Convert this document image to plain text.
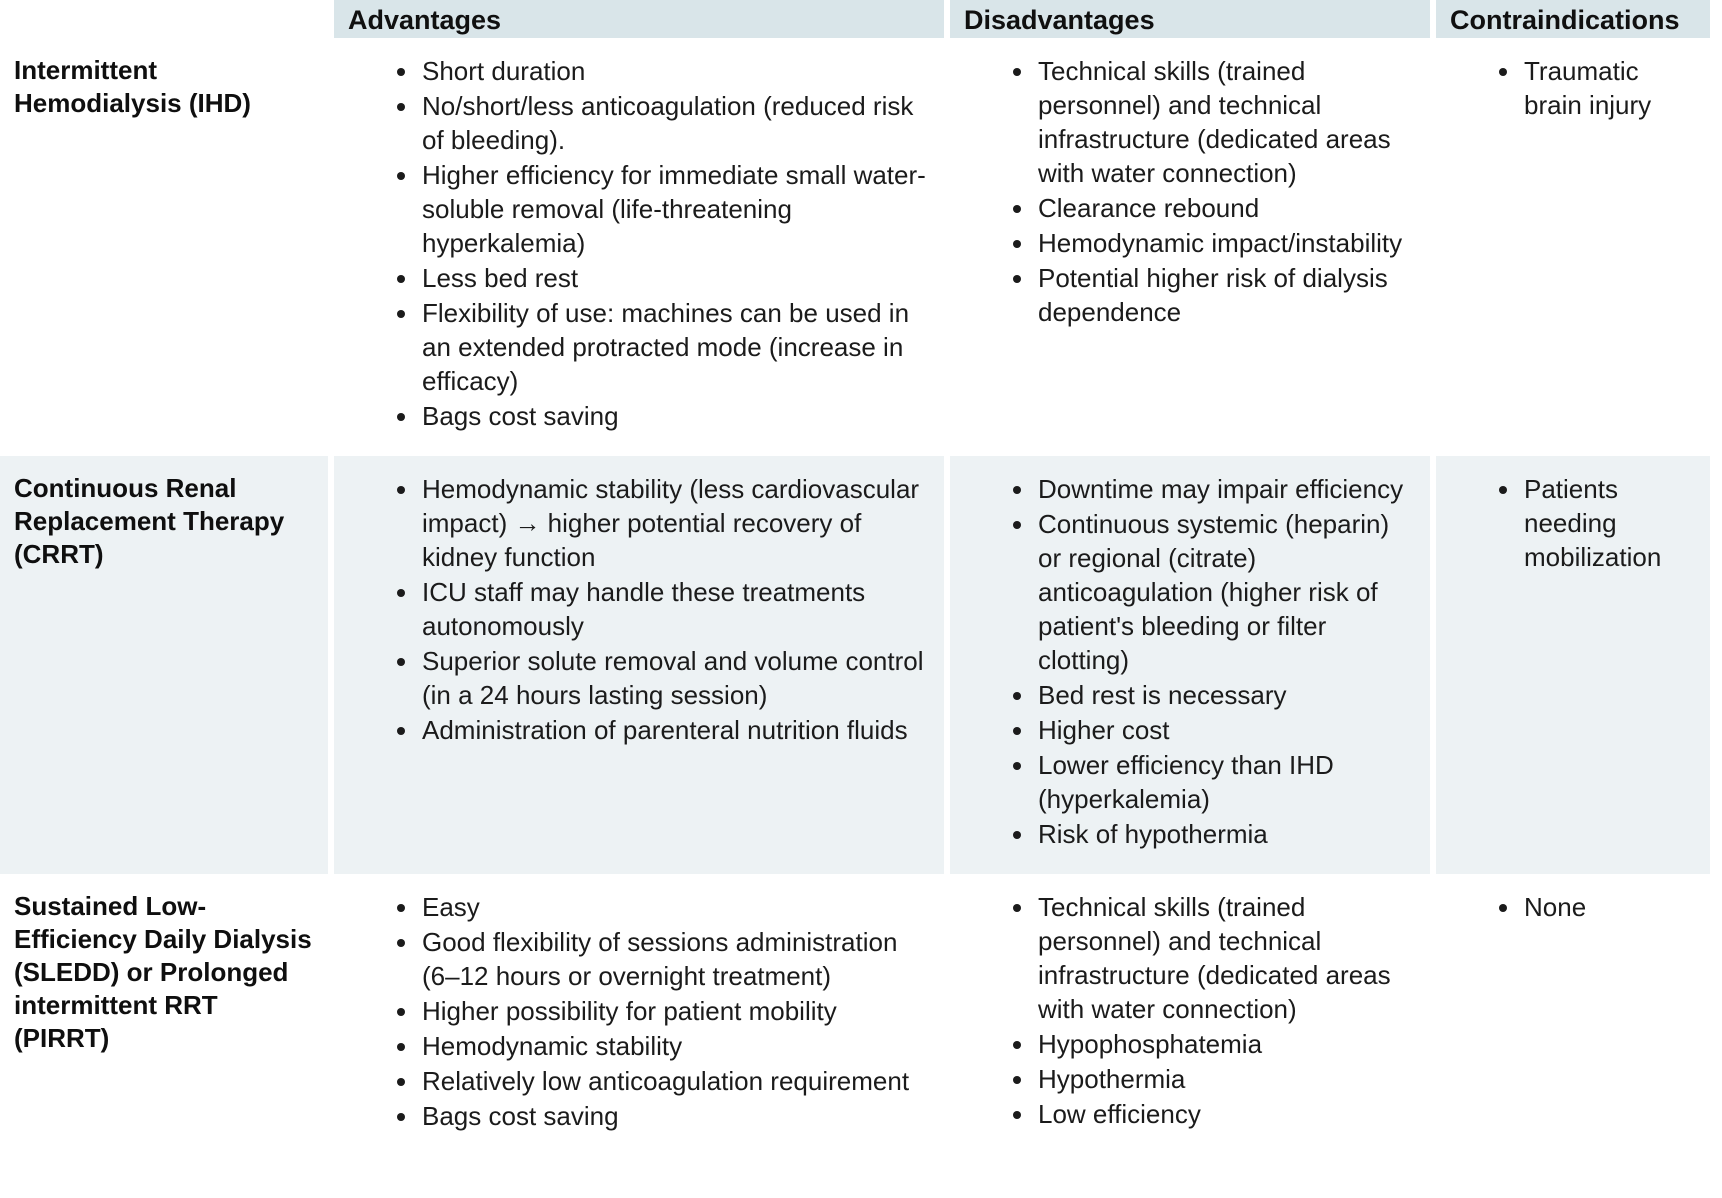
Advantages	Disadvantages	Contraindications
Intermittent Hemodialysis (IHD)
• Short duration
• No/short/less anticoagulation (reduced risk of bleeding).
• Higher efficiency for immediate small water-soluble removal (life-threatening hyperkalemia)
• Less bed rest
• Flexibility of use: machines can be used in an extended protracted mode (increase in efficacy)
• Bags cost saving
• Technical skills (trained personnel) and technical infrastructure (dedicated areas with water connection)
• Clearance rebound
• Hemodynamic impact/instability
• Potential higher risk of dialysis dependence
• Traumatic brain injury
Continuous Renal Replacement Therapy (CRRT)
• Hemodynamic stability (less cardiovascular impact) → higher potential recovery of kidney function
• ICU staff may handle these treatments autonomously
• Superior solute removal and volume control (in a 24 hours lasting session)
• Administration of parenteral nutrition fluids
• Downtime may impair efficiency
• Continuous systemic (heparin) or regional (citrate) anticoagulation (higher risk of patient's bleeding or filter clotting)
• Bed rest is necessary
• Higher cost
• Lower efficiency than IHD (hyperkalemia)
• Risk of hypothermia
• Patients needing mobilization
Sustained Low-Efficiency Daily Dialysis (SLEDD) or Prolonged intermittent RRT (PIRRT)
• Easy
• Good flexibility of sessions administration (6–12 hours or overnight treatment)
• Higher possibility for patient mobility
• Hemodynamic stability
• Relatively low anticoagulation requirement
• Bags cost saving
• Technical skills (trained personnel) and technical infrastructure (dedicated areas with water connection)
• Hypophosphatemia
• Hypothermia
• Low efficiency
• None
